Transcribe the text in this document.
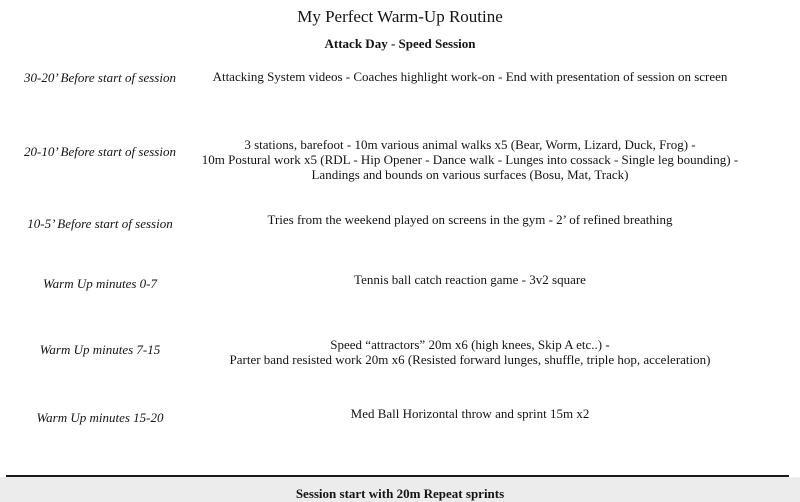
My Perfect Warm-Up Routine
Attack Day - Speed Session
30-20’ Before start of session	Attacking System videos - Coaches highlight work-on - End with presentation of session on screen
20-10’ Before start of session	3 stations, barefoot - 10m various animal walks x5 (Bear, Worm, Lizard, Duck, Frog) -
10m Postural work x5 (RDL - Hip Opener - Dance walk - Lunges into cossack - Single leg bounding) -
Landings and bounds on various surfaces (Bosu, Mat, Track)
10-5’ Before start of session	Tries from the weekend played on screens in the gym - 2’ of refined breathing
Warm Up minutes 0-7	Tennis ball catch reaction game - 3v2 square
Warm Up minutes 7-15	Speed “attractors” 20m x6 (high knees, Skip A etc..) -
Parter band resisted work 20m x6 (Resisted forward lunges, shuffle, triple hop, acceleration)
Warm Up minutes 15-20	Med Ball Horizontal throw and sprint 15m x2
Session start with 20m Repeat sprints
